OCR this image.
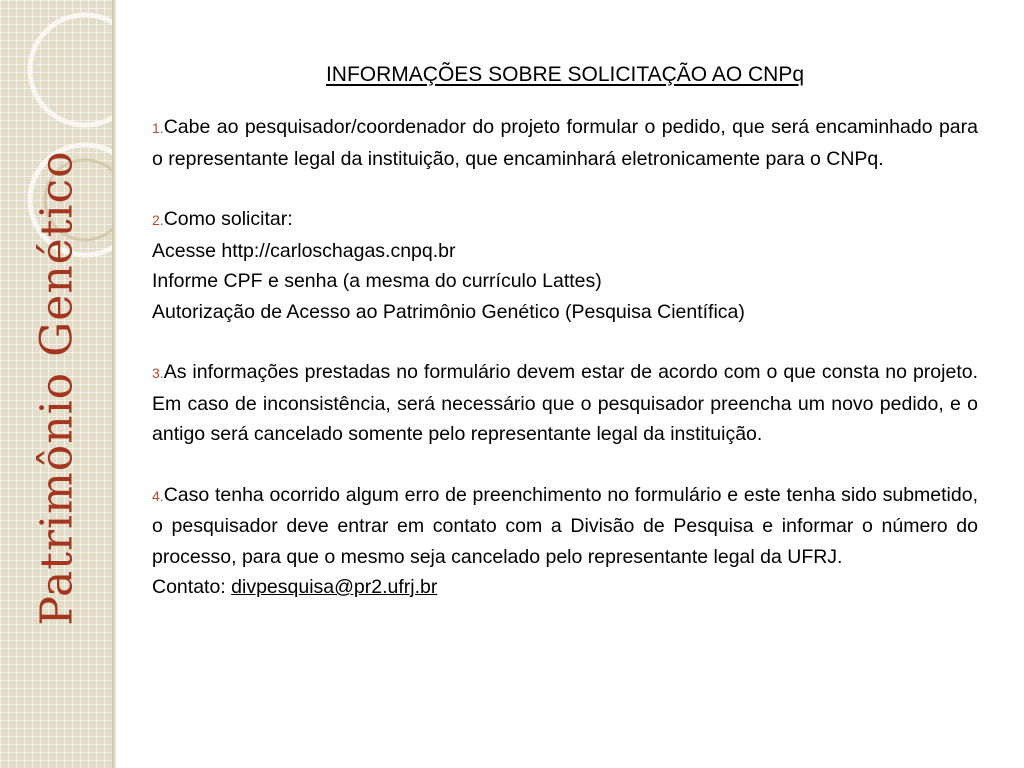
Patrimônio Genético
INFORMAÇÕES SOBRE SOLICITAÇÃO AO CNPq
1.Cabe ao pesquisador/coordenador do projeto formular o pedido, que será encaminhado para o representante legal da instituição, que encaminhará eletronicamente para o CNPq.
2.Como solicitar:
Acesse http://carloschagas.cnpq.br
Informe CPF e senha (a mesma do currículo Lattes)
Autorização de Acesso ao Patrimônio Genético (Pesquisa Científica)
3.As informações prestadas no formulário devem estar de acordo com o que consta no projeto. Em caso de inconsistência, será necessário que o pesquisador preencha um novo pedido, e o antigo será cancelado somente pelo representante legal da instituição.
4.Caso tenha ocorrido algum erro de preenchimento no formulário e este tenha sido submetido, o pesquisador deve entrar em contato com a Divisão de Pesquisa e informar o número do processo, para que o mesmo seja cancelado pelo representante legal da UFRJ.
Contato: divpesquisa@pr2.ufrj.br
